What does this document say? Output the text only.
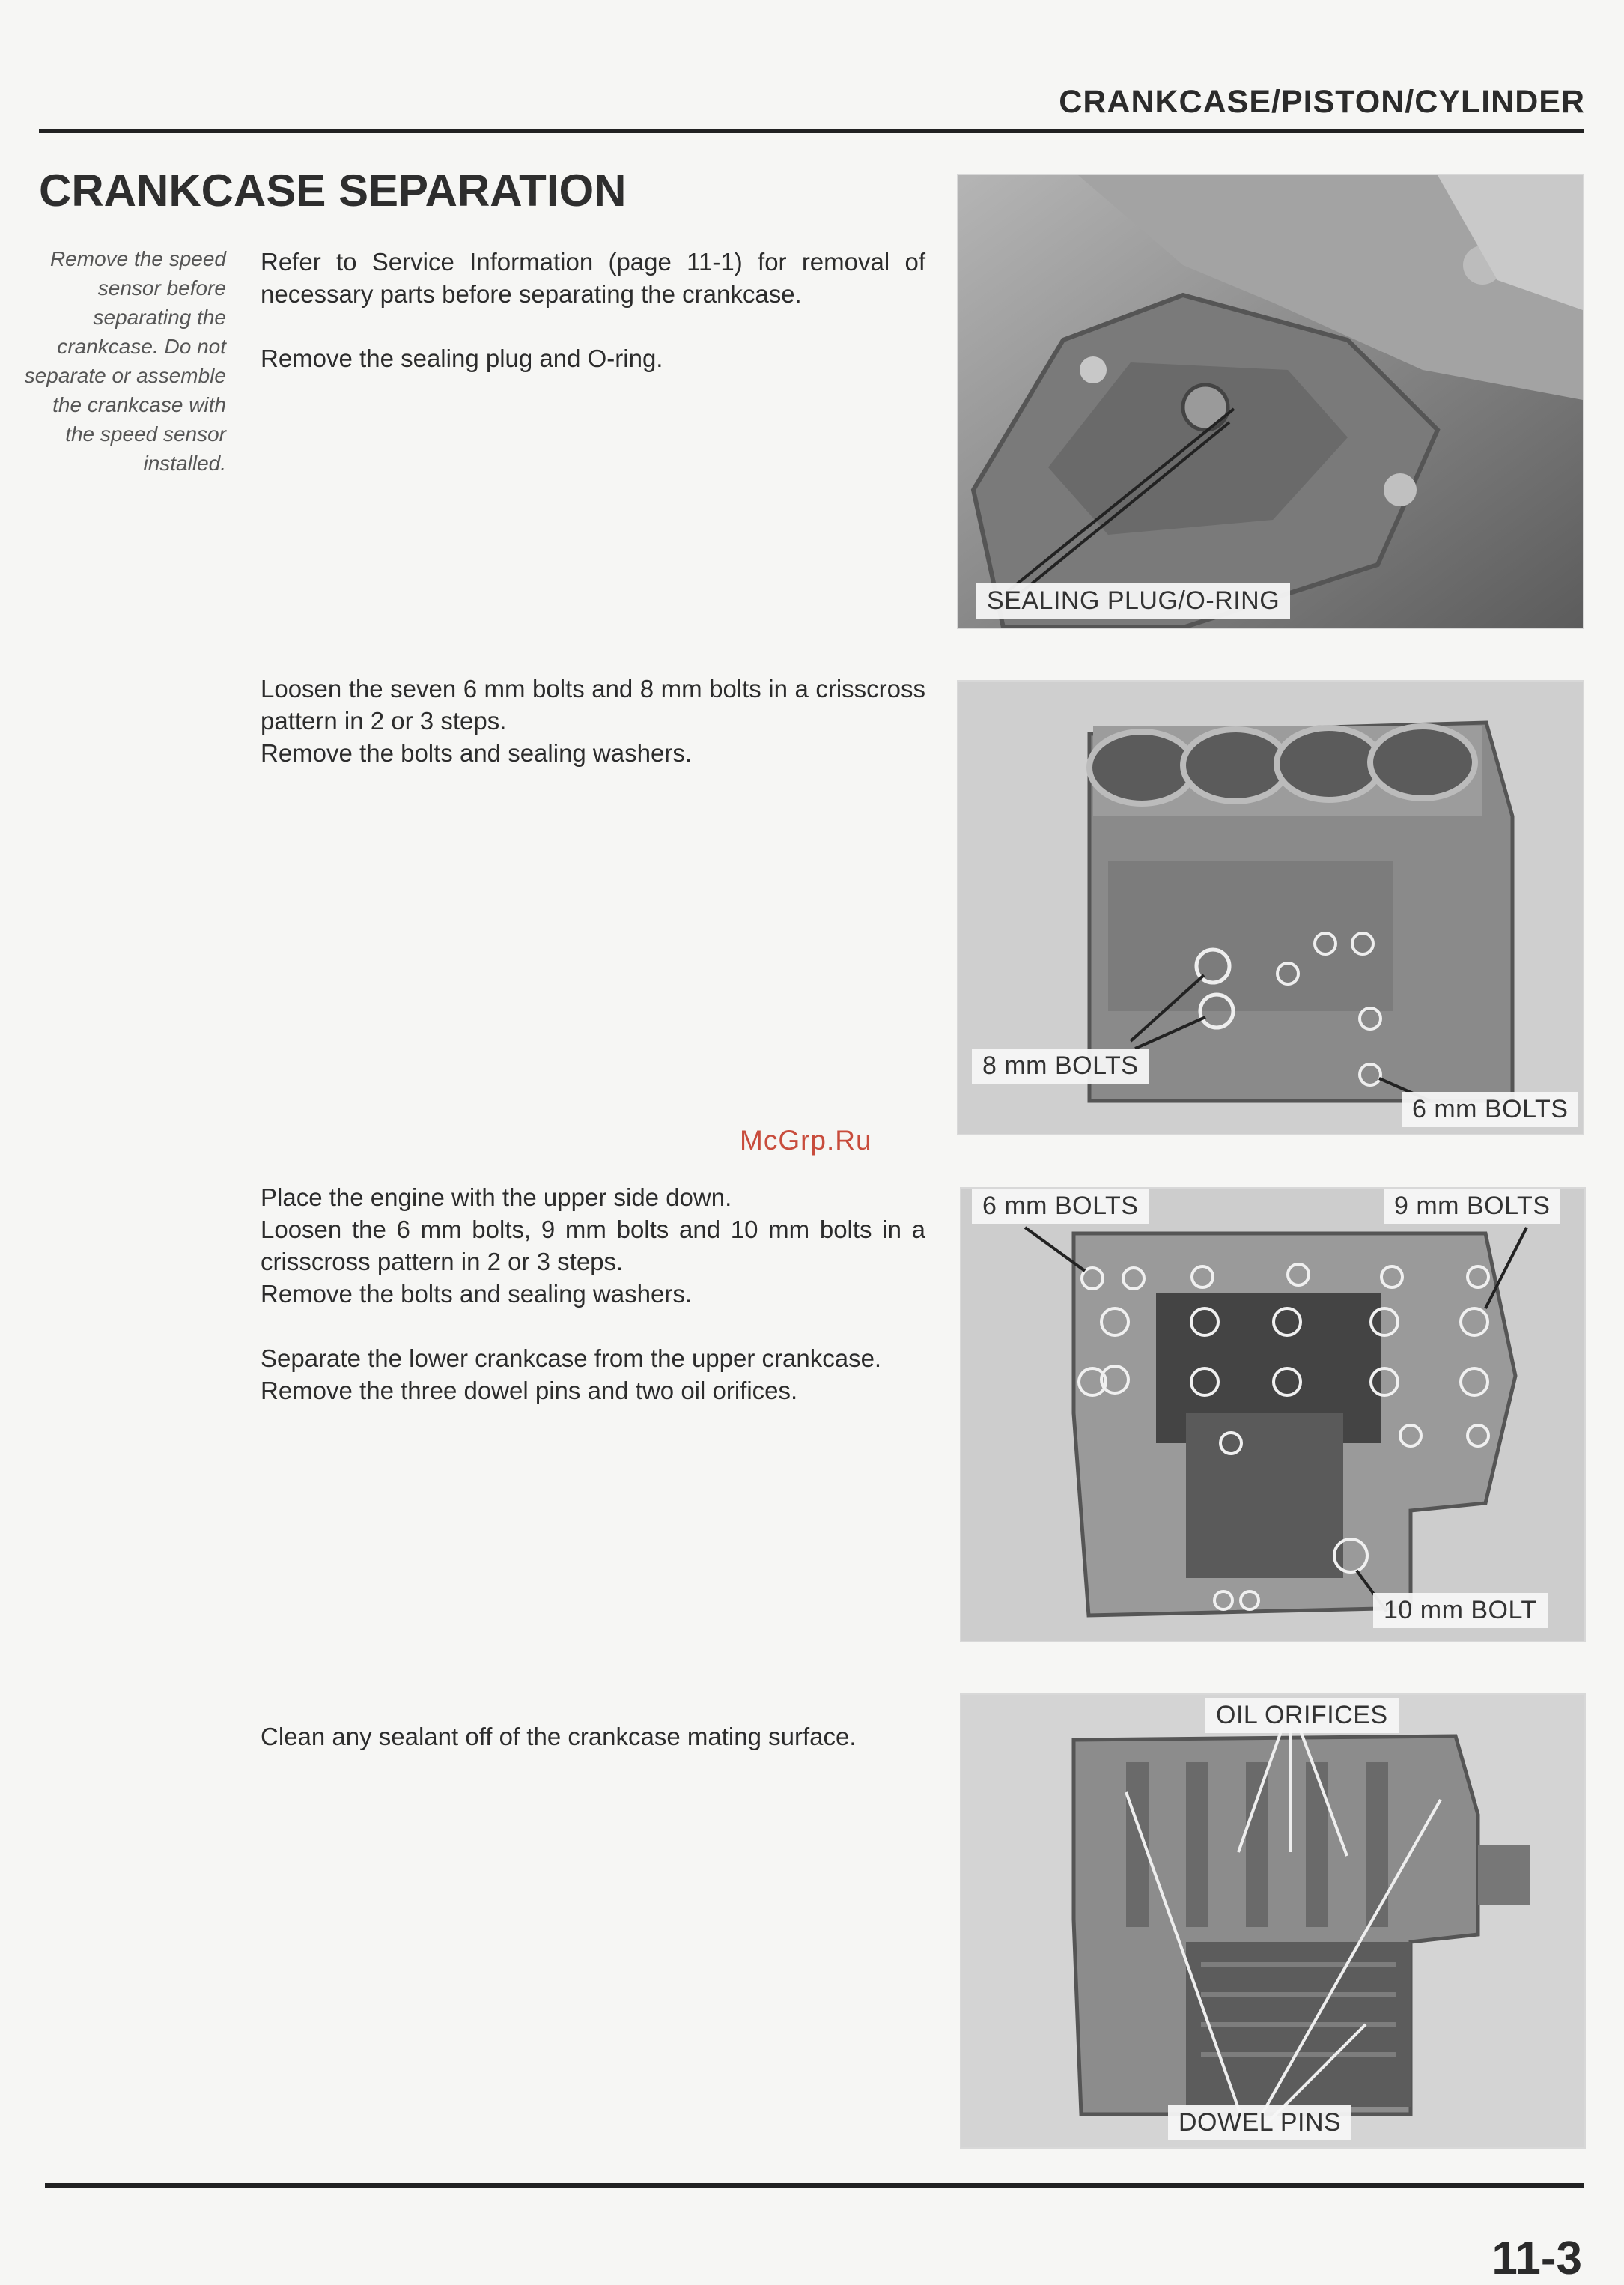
CRANKCASE/PISTON/CYLINDER
CRANKCASE SEPARATION
Remove the speed sensor before separating the crankcase. Do not separate or assemble the crankcase with the speed sensor installed.

Refer to Service Information (page 11-1) for removal of necessary parts before separating the crankcase.

Remove the sealing plug and O-ring.

Loosen the seven 6 mm bolts and 8 mm bolts in a crisscross pattern in 2 or 3 steps.

Remove the bolts and sealing washers.

McGrp.Ru

Place the engine with the upper side down.

Loosen the 6 mm bolts, 9 mm bolts and 10 mm bolts in a crisscross pattern in 2 or 3 steps.

Remove the bolts and sealing washers.

Separate the lower crankcase from the upper crankcase.

Remove the three dowel pins and two oil orifices.

Clean any sealant off of the crankcase mating surface.

SEALING PLUG/O-RING
8 mm BOLTS
6 mm BOLTS
6 mm BOLTS	9 mm BOLTS
10 mm BOLT
OIL ORIFICES
DOWEL PINS
11-3
